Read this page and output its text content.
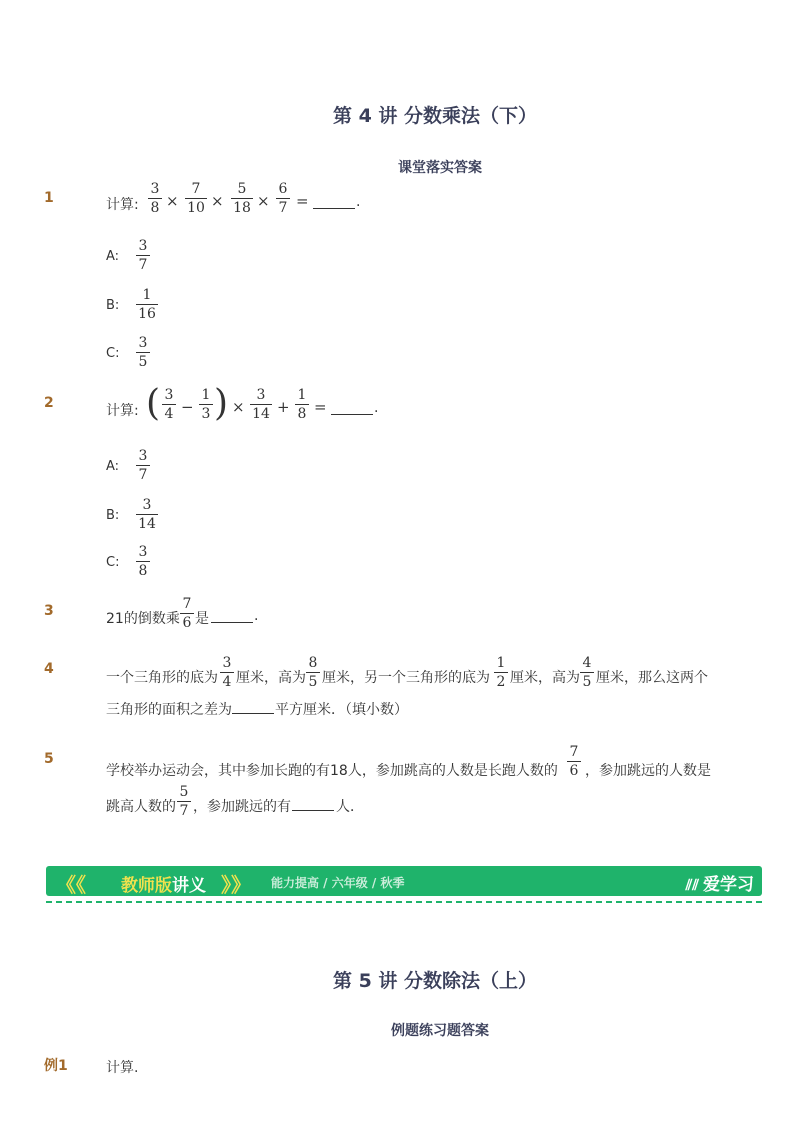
第 4 讲 分数乘法（下）
课堂落实答案
1	计算:
3
8 ×
7
10 ×
5
18 ×
6
7 =	.
A:
3
7
B:
1
16
C:
3
5
2	计算: ( 3
4 −
1
3 ) ×
3
14 +
1
8 =	.
A:
3
7
B:
3
14
C:
3
8
3	21的倒数乘
7
6 是	.
4
一个三角形的底为
3
4 厘米，高为
8
5 厘米，另一个三角形的底为
1
2 厘米，高为
4
5 厘米，那么这两个
三角形的面积之差为	平方厘米．（填小数）
5
学校举办运动会，其中参加长跑的有18人，参加跳高的人数是长跑人数的
7
6 ，参加跳远的人数是
跳高人数的
5
7 ，参加跳远的有	人．
《《 教师版讲义 》》 能力提高 / 六年级 / 秋季	⫽⫽ 爱学习
第 5 讲 分数除法（上）
例题练习题答案
例1	计算.
